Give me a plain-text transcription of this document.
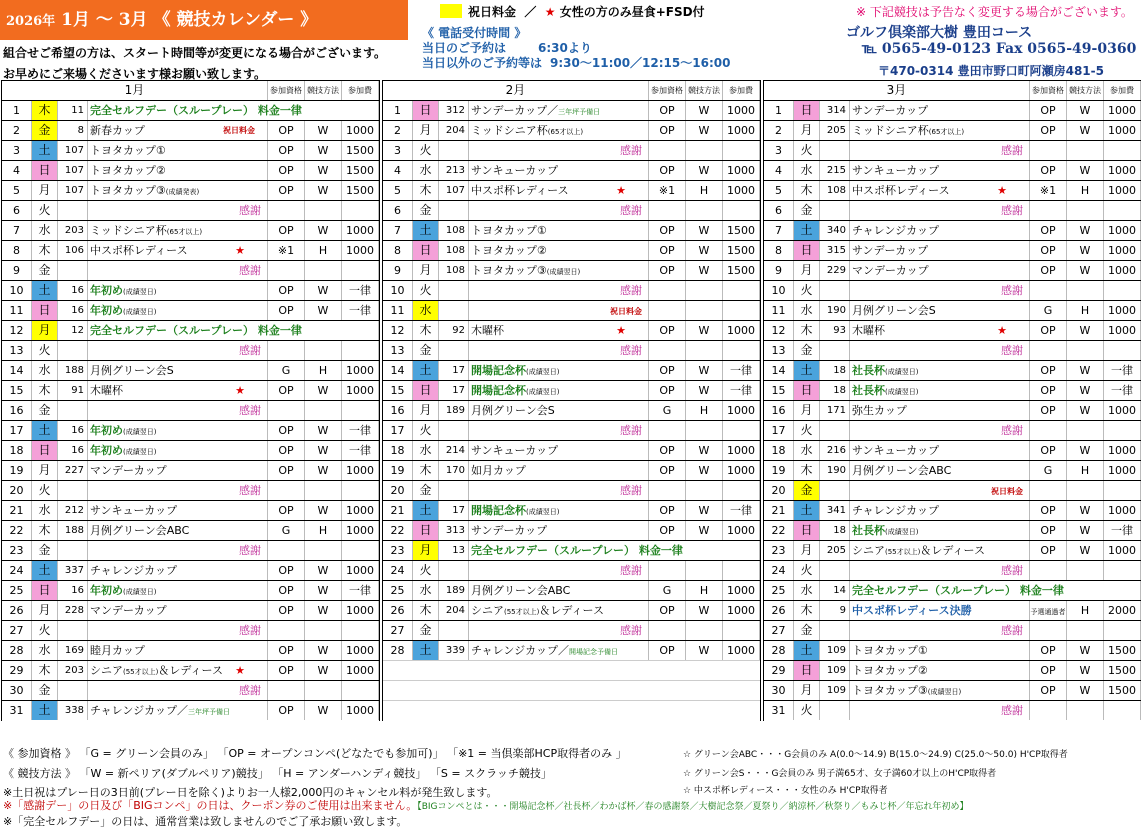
2026年 1月 ～ 3月 《 競技カレンダー 》
組合せご希望の方は、スタート時間等が変更になる場合がございます。
お早めにご来場くださいます様お願い致します。
祝日料金 ／ ★ 女性の方のみ昼食+FSD付	※ 下記競技は予告なく変更する場合がございます。
《 電話受付時間 》
当日のご予約は	6:30より
当日以外のご予約等は 9:30～11:00／12:15～16:00
ゴルフ倶楽部大樹 豊田コース
℡ 0565-49-0123 Fax 0565-49-0360
〒470-0314 豊田市野口町阿瀬房481-5
1月	参加資格 競技方法	参加費
1	木	11 完全セルフデー（スループレー） 料金一律
2	金	8 新春カップ	祝日料金	OP	W	1000
3	土	107 トヨタカップ①	OP	W	1500
4	日	107 トヨタカップ②	OP	W	1500
5	月	107 トヨタカップ③(成績発表)	OP	W	1500
6	火	感謝
7	水	203 ミッドシニア杯(65才以上)	OP	W	1000
8	木	106 中スポ杯レディース	★	※1	H	1000
9	金	感謝
10	土	16 年初め(成績翌日)	OP	W	一律
11	日	16 年初め(成績翌日)	OP	W	一律
12	月	12 完全セルフデー（スループレー） 料金一律
13	火	感謝
14	水	188 月例グリーン会S	G	H	1000
15	木	91 木曜杯	★	OP	W	1000
16	金	感謝
17	土	16 年初め(成績翌日)	OP	W	一律
18	日	16 年初め(成績翌日)	OP	W	一律
19	月	227 マンデーカップ	OP	W	1000
20	火	感謝
21	水	212 サンキューカップ	OP	W	1000
22	木	188 月例グリーン会ABC	G	H	1000
23	金	感謝
24	土	337 チャレンジカップ	OP	W	1000
25	日	16 年初め(成績翌日)	OP	W	一律
26	月	228 マンデーカップ	OP	W	1000
27	火	感謝
28	水	169 睦月カップ	OP	W	1000
29	木	203 シニア(55才以上)＆レディース ★	OP	W	1000
30	金	感謝
31	土	338 チャレンジカップ／三年坪予備日	OP	W	1000
2月	参加資格 競技方法	参加費
1	日	312 サンデーカップ／三年坪予備日	OP	W	1000
2	月	204 ミッドシニア杯(65才以上)	OP	W	1000
3	火	感謝
4	水	213 サンキューカップ	OP	W	1000
5	木	107 中スポ杯レディース	★	※1	H	1000
6	金	感謝
7	土	108 トヨタカップ①	OP	W	1500
8	日	108 トヨタカップ②	OP	W	1500
9	月	108 トヨタカップ③(成績翌日)	OP	W	1500
10	火	感謝
11	水	祝日料金
12	木	92 木曜杯	★	OP	W	1000
13	金	感謝
14	土	17 開場記念杯(成績翌日)	OP	W	一律
15	日	17 開場記念杯(成績翌日)	OP	W	一律
16	月	189 月例グリーン会S	G	H	1000
17	火	感謝
18	水	214 サンキューカップ	OP	W	1000
19	木	170 如月カップ	OP	W	1000
20	金	感謝
21	土	17 開場記念杯(成績翌日)	OP	W	一律
22	日	313 サンデーカップ	OP	W	1000
23	月	13 完全セルフデー（スループレー） 料金一律
24	火	感謝
25	水	189 月例グリーン会ABC	G	H	1000
26	木	204 シニア(55才以上)＆レディース	OP	W	1000
27	金	感謝
28	土	339 チャレンジカップ／開場記念予備日	OP	W	1000
3月	参加資格 競技方法	参加費
1	日	314 サンデーカップ	OP	W	1000
2	月	205 ミッドシニア杯(65才以上)	OP	W	1000
3	火	感謝
4	水	215 サンキューカップ	OP	W	1000
5	木	108 中スポ杯レディース	★	※1	H	1000
6	金	感謝
7	土	340 チャレンジカップ	OP	W	1000
8	日	315 サンデーカップ	OP	W	1000
9	月	229 マンデーカップ	OP	W	1000
10	火	感謝
11	水	190 月例グリーン会S	G	H	1000
12	木	93 木曜杯	★	OP	W	1000
13	金	感謝
14	土	18 社長杯(成績翌日)	OP	W	一律
15	日	18 社長杯(成績翌日)	OP	W	一律
16	月	171 弥生カップ	OP	W	1000
17	火	感謝
18	水	216 サンキューカップ	OP	W	1000
19	木	190 月例グリーン会ABC	G	H	1000
20	金	祝日料金
21	土	341 チャレンジカップ	OP	W	1000
22	日	18 社長杯(成績翌日)	OP	W	一律
23	月	205 シニア(55才以上)＆レディース	OP	W	1000
24	火	感謝
25	水	14 完全セルフデー（スループレー） 料金一律
26	木	9 中スポ杯レディース決勝	予選通過者	H	2000
27	金	感謝
28	土	109 トヨタカップ①	OP	W	1500
29	日	109 トヨタカップ②	OP	W	1500
30	月	109 トヨタカップ③(成績翌日)	OP	W	1500
31	火	感謝
《 参加資格 》 「G = グリーン会員のみ」 「OP = オープンコンペ(どなたでも参加可)」 「※1 = 当倶楽部HCP取得者のみ 」
《 競技方法 》 「W = 新ペリア(ダブルペリア)競技」 「H = アンダーハンディ競技」 「S = スクラッチ競技」
※土日祝はプレー日の3日前(プレー日を除く)よりお一人様2,000円のキャンセル料が発生致します。
※「感謝デー」の日及び「BIGコンペ」の日は、クーポン券のご使用は出来ません。【BIGコンペとは・・・開場記念杯／社長杯／わかば杯／春の感謝祭／大樹記念祭／夏祭り／納涼杯／秋祭り／もみじ杯／年忘れ年初め】
※「完全セルフデー」の日は、通常営業は致しませんのでご了承お願い致します。
☆ グリーン会ABC・・・G会員のみ A(0.0～14.9) B(15.0～24.9) C(25.0～50.0) H'CP取得者
☆ グリーン会S・・・G会員のみ 男子満65才、女子満60才以上のH'CP取得者
☆ 中スポ杯レディース・・・女性のみ H'CP取得者
